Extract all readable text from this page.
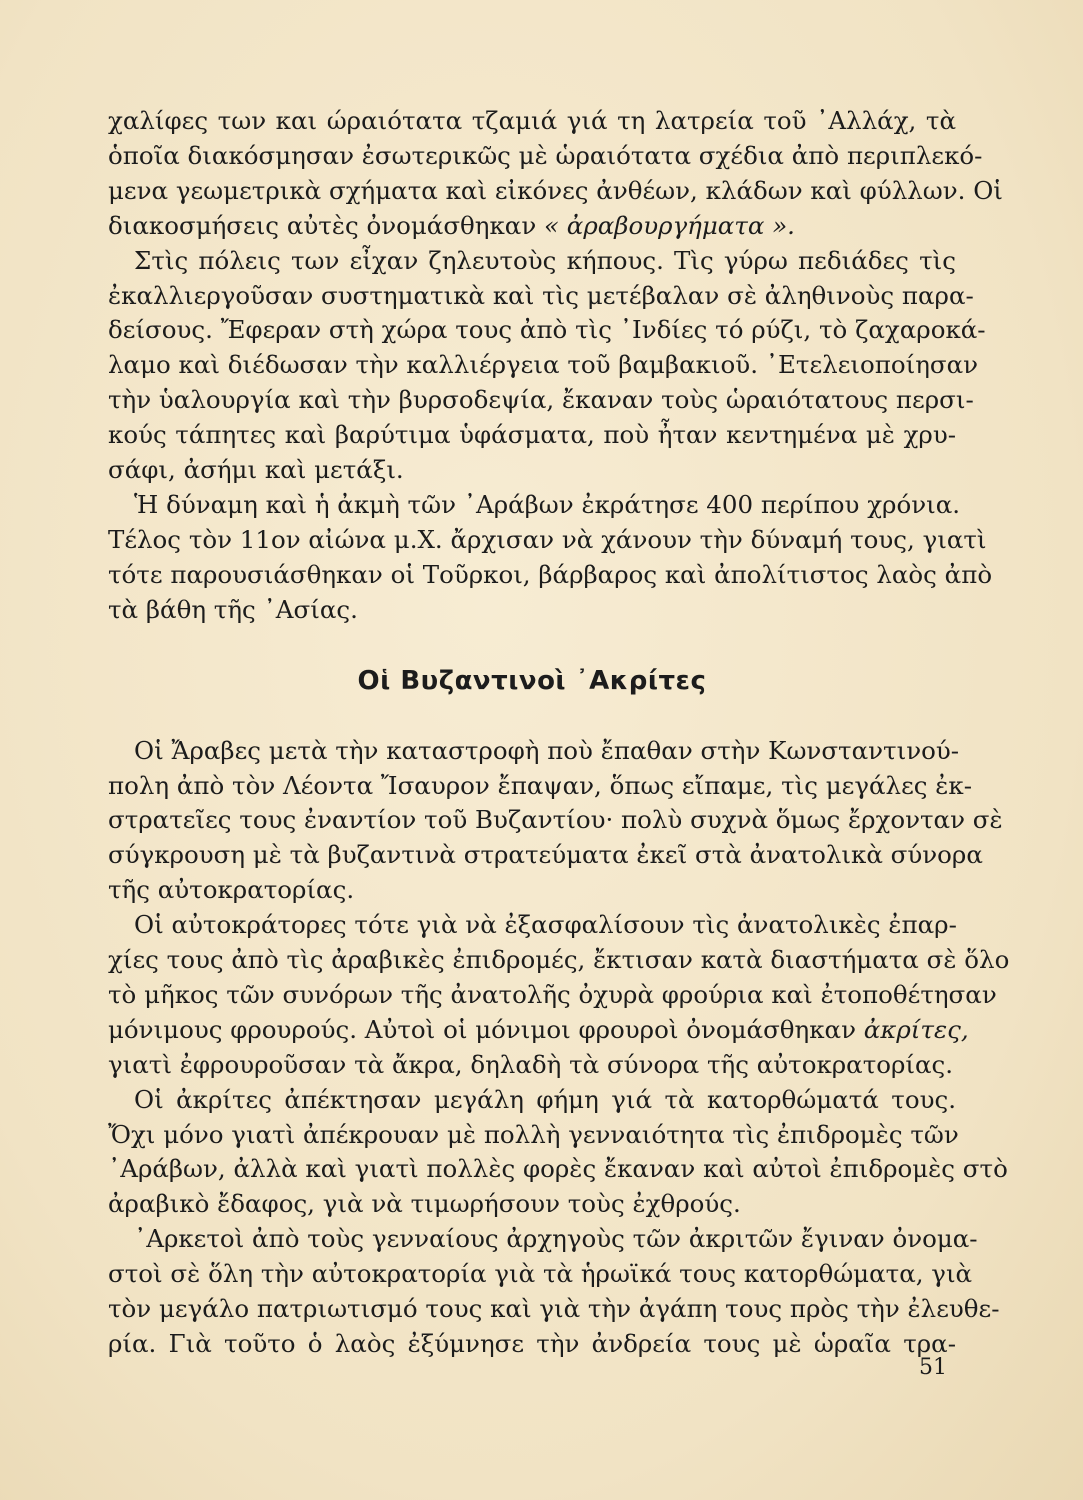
χαλίφες των και ώραιότατα τζαμιά γιά τη λατρεία τοῦ ᾿Αλλάχ, τὰ
ὁποῖα διακόσμησαν ἐσωτερικῶς μὲ ὡραιότατα σχέδια ἀπὸ περιπλεκό-
μενα γεωμετρικὰ σχήματα καὶ εἰκόνες ἀνθέων, κλάδων καὶ φύλλων. Οἱ
διακοσμήσεις αὐτὲς ὀνομάσθηκαν « ἀραβουργήματα ».

Στὶς πόλεις των εἶχαν ζηλευτοὺς κήπους. Τὶς γύρω πεδιάδες τὶς
ἐκαλλιεργοῦσαν συστηματικὰ καὶ τὶς μετέβαλαν σὲ ἀληθινοὺς παρα-
δείσους. Ἔφεραν στὴ χώρα τους ἀπὸ τὶς ᾿Ινδίες τό ρύζι, τὸ ζαχαροκά-
λαμο καὶ διέδωσαν τὴν καλλιέργεια τοῦ βαμβακιοῦ. ᾿Ετελειοποίησαν
τὴν ὑαλουργία καὶ τὴν βυρσοδεψία, ἔκαναν τοὺς ὡραιότατους περσι-
κούς τάπητες καὶ βαρύτιμα ὑφάσματα, ποὺ ἦταν κεντημένα μὲ χρυ-
σάφι, ἀσήμι καὶ μετάξι.

Ἡ δύναμη καὶ ἡ ἀκμὴ τῶν ᾿Αράβων ἐκράτησε 400 περίπου χρόνια.
Τέλος τὸν 11ον αἰώνα μ.Χ. ἄρχισαν νὰ χάνουν τὴν δύναμή τους, γιατὶ
τότε παρουσιάσθηκαν οἱ Τοῦρκοι, βάρβαρος καὶ ἀπολίτιστος λαὸς ἀπὸ
τὰ βάθη τῆς ᾿Ασίας.

Οἱ Βυζαντινοὶ ᾿Ακρίτες

Οἱ Ἄραβες μετὰ τὴν καταστροφὴ ποὺ ἔπαθαν στὴν Κωνσταντινού-
πολη ἀπὸ τὸν Λέοντα Ἴσαυρον ἔπαψαν, ὅπως εἴπαμε, τὶς μεγάλες ἐκ-
στρατεῖες τους ἐναντίον τοῦ Βυζαντίου· πολὺ συχνὰ ὅμως ἔρχονταν σὲ
σύγκρουση μὲ τὰ βυζαντινὰ στρατεύματα ἐκεῖ στὰ ἀνατολικὰ σύνορα
τῆς αὐτοκρατορίας.

Οἱ αὐτοκράτορες τότε γιὰ νὰ ἐξασφαλίσουν τὶς ἀνατολικὲς ἐπαρ-
χίες τους ἀπὸ τὶς ἀραβικὲς ἐπιδρομές, ἔκτισαν κατὰ διαστήματα σὲ ὅλο
τὸ μῆκος τῶν συνόρων τῆς ἀνατολῆς ὀχυρὰ φρούρια καὶ ἐτοποθέτησαν
μόνιμους φρουρούς. Αὐτοὶ οἱ μόνιμοι φρουροὶ ὀνομάσθηκαν ἀκρίτες,
γιατὶ ἐφρουροῦσαν τὰ ἄκρα, δηλαδὴ τὰ σύνορα τῆς αὐτοκρατορίας.

Οἱ ἀκρίτες ἀπέκτησαν μεγάλη φήμη γιά τὰ κατορθώματά τους.
Ὄχι μόνο γιατὶ ἀπέκρουαν μὲ πολλὴ γενναιότητα τὶς ἐπιδρομὲς τῶν
᾿Αράβων, ἀλλὰ καὶ γιατὶ πολλὲς φορὲς ἔκαναν καὶ αὐτοὶ ἐπιδρομὲς στὸ
ἀραβικὸ ἔδαφος, γιὰ νὰ τιμωρήσουν τοὺς ἐχθρούς.

᾿Αρκετοὶ ἀπὸ τοὺς γενναίους ἀρχηγοὺς τῶν ἀκριτῶν ἔγιναν ὀνομα-
στοὶ σὲ ὅλη τὴν αὐτοκρατορία γιὰ τὰ ἡρωϊκά τους κατορθώματα, γιὰ
τὸν μεγάλο πατριωτισμό τους καὶ γιὰ τὴν ἀγάπη τους πρὸς τὴν ἐλευθε-
ρία. Γιὰ τοῦτο ὁ λαὸς ἐξύμνησε τὴν ἀνδρεία τους μὲ ὡραῖα τρα-

51
